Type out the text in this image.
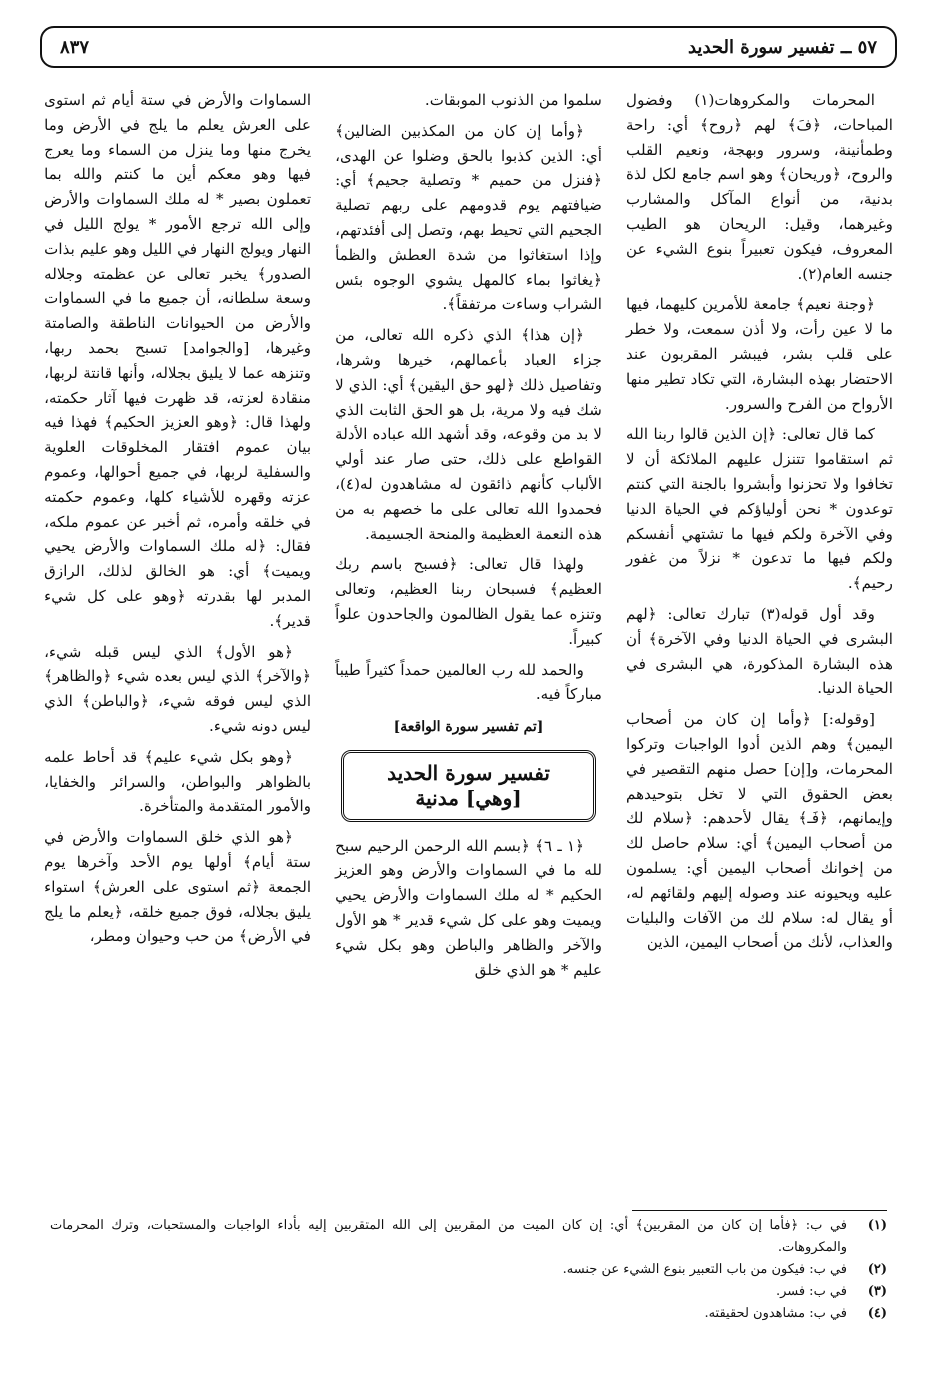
٥٧ ــ تفسير سورة الحديد
٨٣٧

المحرمات والمكروهات(١) وفضول المباحات، ﴿فَ﴾ لهم ﴿روح﴾ أي: راحة وطمأنينة، وسرور وبهجة، ونعيم القلب والروح، ﴿وريحان﴾ وهو اسم جامع لكل لذة بدنية، من أنواع المآكل والمشارب وغيرهما، وقيل: الريحان هو الطيب المعروف، فيكون تعبيراً بنوع الشيء عن جنسه العام(٢).

﴿وجنة نعيم﴾ جامعة للأمرين كليهما، فيها ما لا عين رأت، ولا أذن سمعت، ولا خطر على قلب بشر، فيبشر المقربون عند الاحتضار بهذه البشارة، التي تكاد تطير منها الأرواح من الفرح والسرور.

كما قال تعالى: ﴿إن الذين قالوا ربنا الله ثم استقاموا تتنزل عليهم الملائكة أن لا تخافوا ولا تحزنوا وأبشروا بالجنة التي كنتم توعدون * نحن أولياؤكم في الحياة الدنيا وفي الآخرة ولكم فيها ما تشتهي أنفسكم ولكم فيها ما تدعون * نزلاً من غفور رحيم﴾.

وقد أول قوله(٣) تبارك تعالى: ﴿لهم البشرى في الحياة الدنيا وفي الآخرة﴾ أن هذه البشارة المذكورة، هي البشرى في الحياة الدنيا.

[وقوله:] ﴿وأما إن كان من أصحاب اليمين﴾ وهم الذين أدوا الواجبات وتركوا المحرمات، و[إن] حصل منهم التقصير في بعض الحقوق التي لا تخل بتوحيدهم وإيمانهم، ﴿فَـ﴾ يقال لأحدهم: ﴿سلام لك من أصحاب اليمين﴾ أي: سلام حاصل لك من إخوانك أصحاب اليمين أي: يسلمون عليه ويحيونه عند وصوله إليهم ولقائهم له، أو يقال له: سلام لك من الآفات والبليات والعذاب، لأنك من أصحاب اليمين، الذين

سلموا من الذنوب الموبقات.

﴿وأما إن كان من المكذبين الضالين﴾ أي: الذين كذبوا بالحق وضلوا عن الهدى، ﴿فنزل من حميم * وتصلية جحيم﴾ أي: ضيافتهم يوم قدومهم على ربهم تصلية الجحيم التي تحيط بهم، وتصل إلى أفئدتهم، وإذا استغاثوا من شدة العطش والظمأ ﴿يغاثوا بماء كالمهل يشوي الوجوه بئس الشراب وساءت مرتفقاً﴾.

﴿إن هذا﴾ الذي ذكره الله تعالى، من جزاء العباد بأعمالهم، خيرها وشرها، وتفاصيل ذلك ﴿لهو حق اليقين﴾ أي: الذي لا شك فيه ولا مرية، بل هو الحق الثابت الذي لا بد من وقوعه، وقد أشهد الله عباده الأدلة القواطع على ذلك، حتى صار عند أولي الألباب كأنهم ذائقون له مشاهدون له(٤)، فحمدوا الله تعالى على ما خصهم به من هذه النعمة العظيمة والمنحة الجسيمة.

ولهذا قال تعالى: ﴿فسبح باسم ربك العظيم﴾ فسبحان ربنا العظيم، وتعالى وتنزه عما يقول الظالمون والجاحدون علواً كبيراً.

والحمد لله رب العالمين حمداً كثيراً طيباً مباركاً فيه.

[تم تفسير سورة الواقعة]
تفسير سورة الحديد
[وهي] مدنية

﴿١ ـ ٦﴾ ﴿بسم الله الرحمن الرحيم سبح لله ما في السماوات والأرض وهو العزيز الحكيم * له ملك السماوات والأرض يحيي ويميت وهو على كل شيء قدير * هو الأول والآخر والظاهر والباطن وهو بكل شيء عليم * هو الذي خلق

السماوات والأرض في ستة أيام ثم استوى على العرش يعلم ما يلج في الأرض وما يخرج منها وما ينزل من السماء وما يعرج فيها وهو معكم أين ما كنتم والله بما تعملون بصير * له ملك السماوات والأرض وإلى الله ترجع الأمور * يولج الليل في النهار ويولج النهار في الليل وهو عليم بذات الصدور﴾ يخبر تعالى عن عظمته وجلاله وسعة سلطانه، أن جميع ما في السماوات والأرض من الحيوانات الناطقة والصامتة وغيرها، [والجوامد] تسبح بحمد ربها، وتنزهه عما لا يليق بجلاله، وأنها قانتة لربها، منقادة لعزته، قد ظهرت فيها آثار حكمته، ولهذا قال: ﴿وهو العزيز الحكيم﴾ فهذا فيه بيان عموم افتقار المخلوقات العلوية والسفلية لربها، في جميع أحوالها، وعموم عزته وقهره للأشياء كلها، وعموم حكمته في خلقه وأمره، ثم أخبر عن عموم ملكه، فقال: ﴿له ملك السماوات والأرض يحيي ويميت﴾ أي: هو الخالق لذلك، الرازق المدبر لها بقدرته ﴿وهو على كل شيء قدير﴾.

﴿هو الأول﴾ الذي ليس قبله شيء، ﴿والآخر﴾ الذي ليس بعده شيء ﴿والظاهر﴾ الذي ليس فوقه شيء، ﴿والباطن﴾ الذي ليس دونه شيء.

﴿وهو بكل شيء عليم﴾ قد أحاط علمه بالظواهر والبواطن، والسرائر والخفايا، والأمور المتقدمة والمتأخرة.

﴿هو الذي خلق السماوات والأرض في ستة أيام﴾ أولها يوم الأحد وآخرها يوم الجمعة ﴿ثم استوى على العرش﴾ استواء يليق بجلاله، فوق جميع خلقه، ﴿يعلم ما يلج في الأرض﴾ من حب وحيوان ومطر،

(١)
في ب: ﴿فأما إن كان من المقربين﴾ أي: إن كان الميت من المقربين إلى الله المتقربين إليه بأداء الواجبات والمستحبات، وترك المحرمات والمكروهات.
(٢)
في ب: فيكون من باب التعبير بنوع الشيء عن جنسه.
(٣)
في ب: فسر.
(٤)
في ب: مشاهدون لحقيقته.
